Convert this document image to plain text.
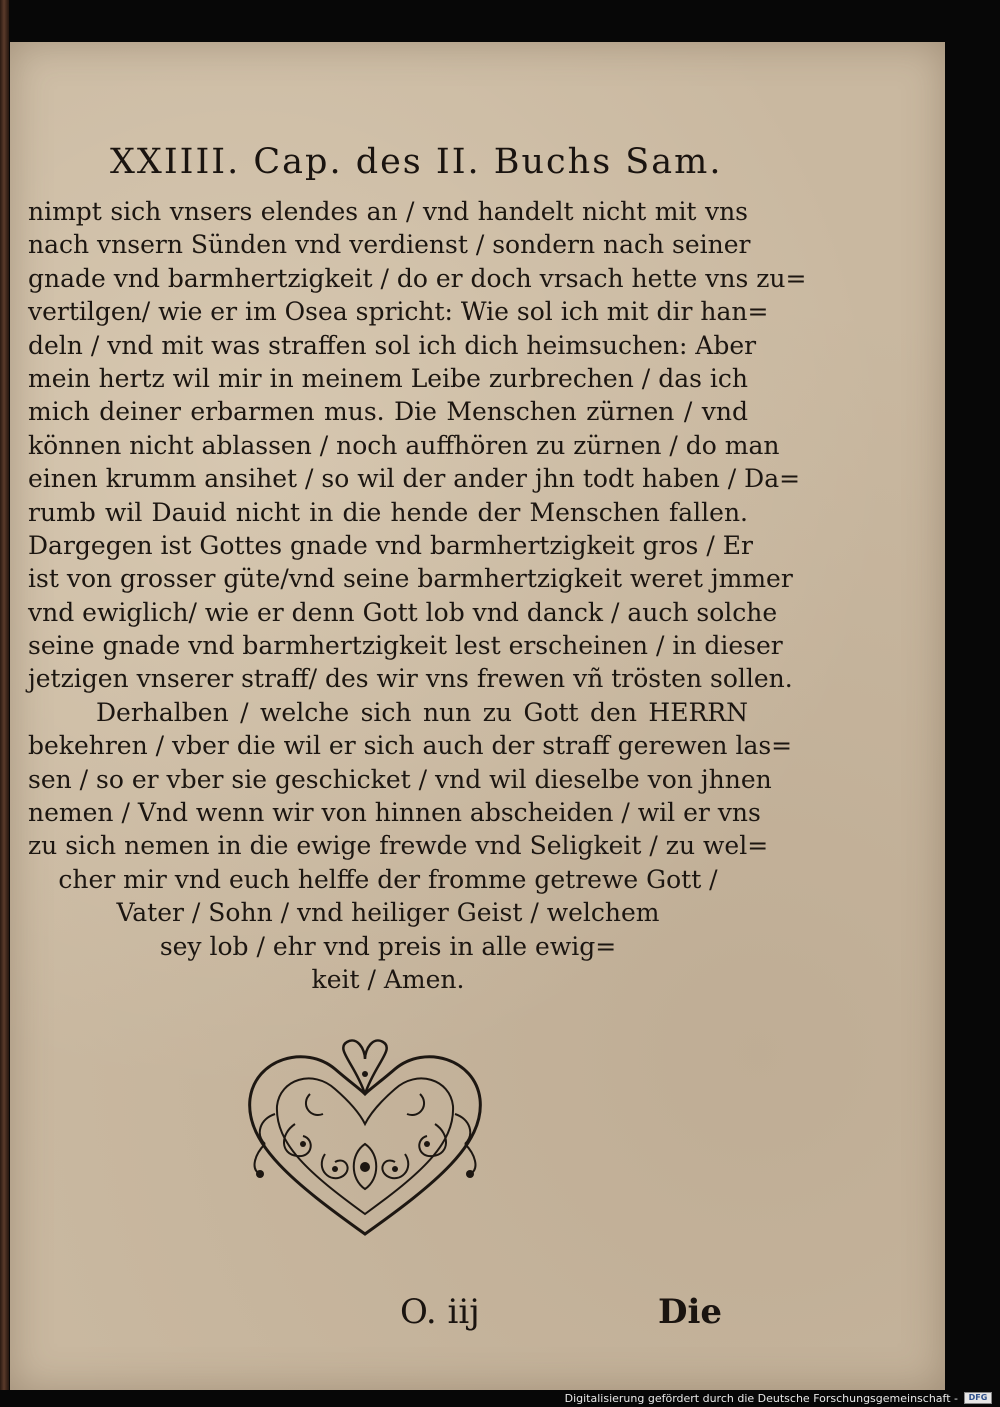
XXIIII. Cap. des II. Buchs Sam.
nimpt sich vnsers elendes an / vnd handelt nicht mit vns
nach vnsern Sünden vnd verdienst / sondern nach seiner
gnade vnd barmhertzigkeit / do er doch vrsach hette vns zu=
vertilgen/ wie er im Osea spricht: Wie sol ich mit dir han=
deln / vnd mit was straffen sol ich dich heimsuchen: Aber
mein hertz wil mir in meinem Leibe zurbrechen / das ich
mich deiner erbarmen mus. Die Menschen zürnen / vnd
können nicht ablassen / noch auffhören zu zürnen / do man
einen krumm ansihet / so wil der ander jhn todt haben / Da=
rumb wil Dauid nicht in die hende der Menschen fallen.
Dargegen ist Gottes gnade vnd barmhertzigkeit gros / Er
ist von grosser güte/vnd seine barmhertzigkeit weret jmmer
vnd ewiglich/ wie er denn Gott lob vnd danck / auch solche
seine gnade vnd barmhertzigkeit lest erscheinen / in dieser
jetzigen vnserer straff/ des wir vns frewen vñ trösten sollen.
Derhalben / welche sich nun zu Gott den HERRN
bekehren / vber die wil er sich auch der straff gerewen las=
sen / so er vber sie geschicket / vnd wil dieselbe von jhnen
nemen / Vnd wenn wir von hinnen abscheiden / wil er vns
zu sich nemen in die ewige frewde vnd Seligkeit / zu wel=
cher mir vnd euch helffe der fromme getrewe Gott /
Vater / Sohn / vnd heiliger Geist / welchem
sey lob / ehr vnd preis in alle ewig=
keit / Amen.
O. iij	Die
Digitalisierung gefördert durch die Deutsche Forschungsgemeinschaft -	DFG
